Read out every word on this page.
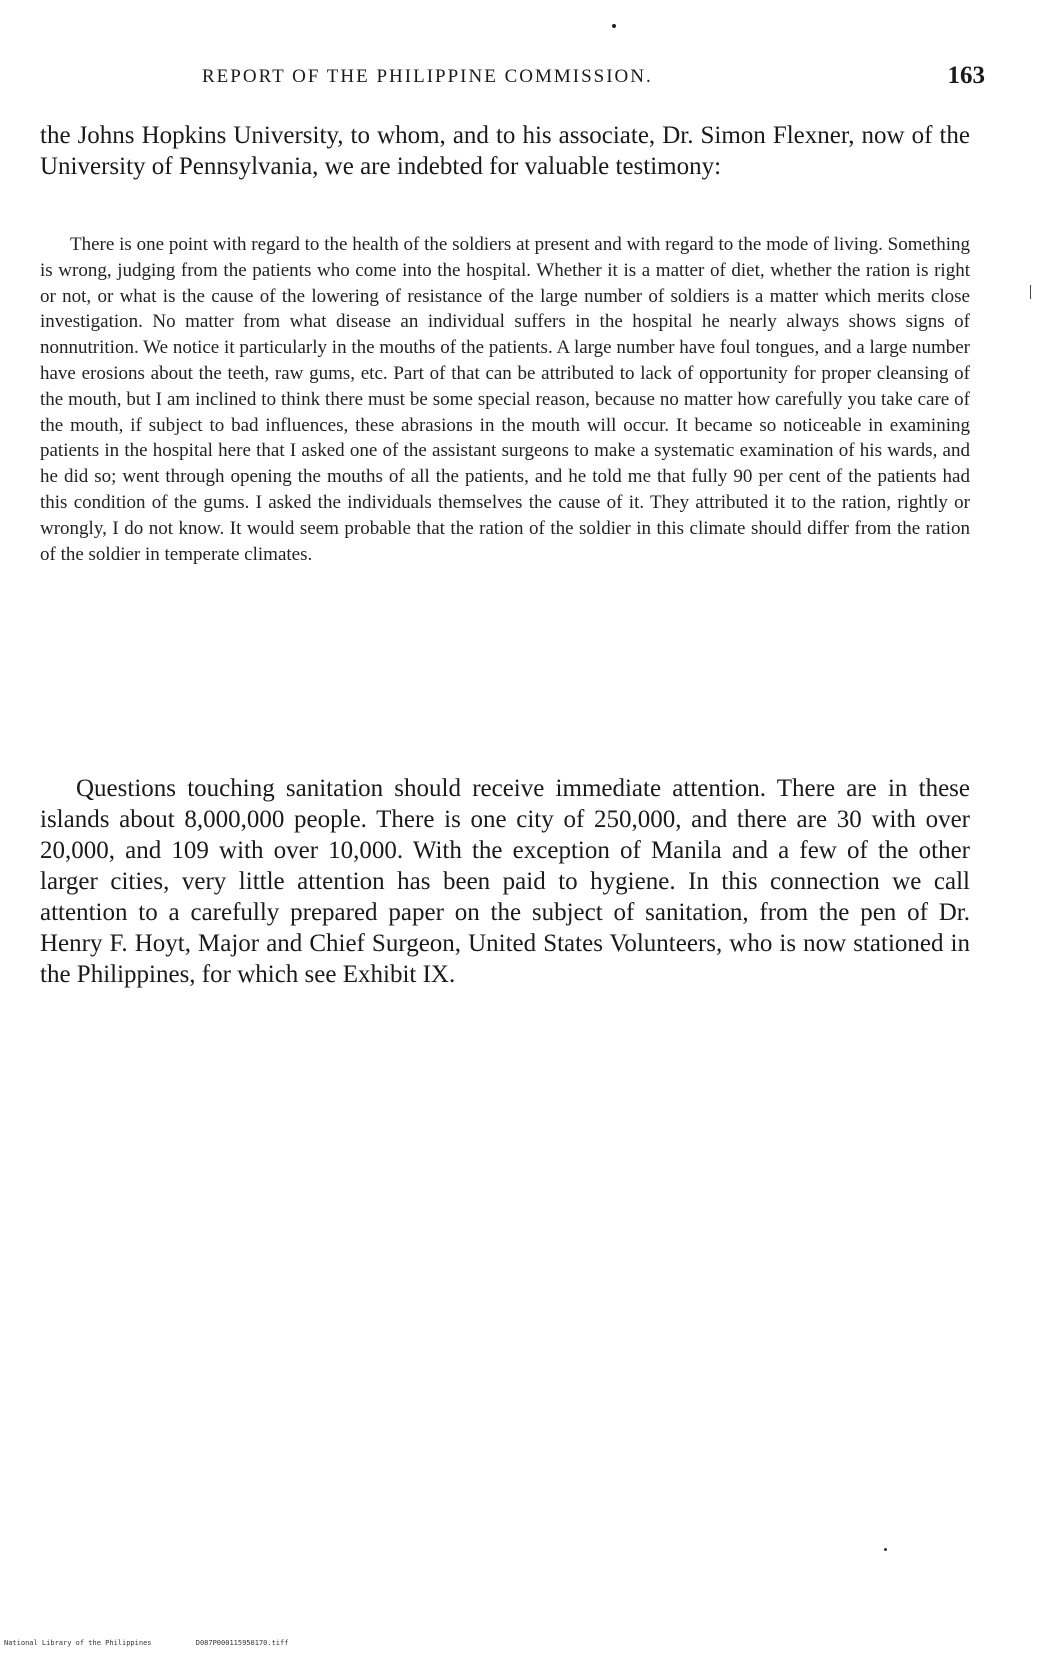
REPORT OF THE PHILIPPINE COMMISSION.	163

the Johns Hopkins University, to whom, and to his associate, Dr. Simon Flexner, now of the University of Pennsylvania, we are indebted for valuable testimony:

There is one point with regard to the health of the soldiers at present and with regard to the mode of living. Something is wrong, judging from the patients who come into the hospital. Whether it is a matter of diet, whether the ration is right or not, or what is the cause of the lowering of resistance of the large number of soldiers is a matter which merits close investigation. No matter from what disease an individual suffers in the hospital he nearly always shows signs of nonnutrition. We notice it particularly in the mouths of the patients. A large number have foul tongues, and a large number have erosions about the teeth, raw gums, etc. Part of that can be attributed to lack of opportunity for proper cleansing of the mouth, but I am inclined to think there must be some special reason, because no matter how carefully you take care of the mouth, if subject to bad influences, these abrasions in the mouth will occur. It became so noticeable in examining patients in the hospital here that I asked one of the assistant surgeons to make a systematic examination of his wards, and he did so; went through opening the mouths of all the patients, and he told me that fully 90 per cent of the patients had this condition of the gums. I asked the individuals themselves the cause of it. They attributed it to the ration, rightly or wrongly, I do not know. It would seem probable that the ration of the soldier in this climate should differ from the ration of the soldier in temperate climates.

Questions touching sanitation should receive immediate attention. There are in these islands about 8,000,000 people. There is one city of 250,000, and there are 30 with over 20,000, and 109 with over 10,000. With the exception of Manila and a few of the other larger cities, very little attention has been paid to hygiene. In this connection we call attention to a carefully prepared paper on the subject of sanitation, from the pen of Dr. Henry F. Hoyt, Major and Chief Surgeon, United States Volunteers, who is now stationed in the Philippines, for which see Exhibit IX.

National Library of the Philippines	D087P000115950170.tiff
